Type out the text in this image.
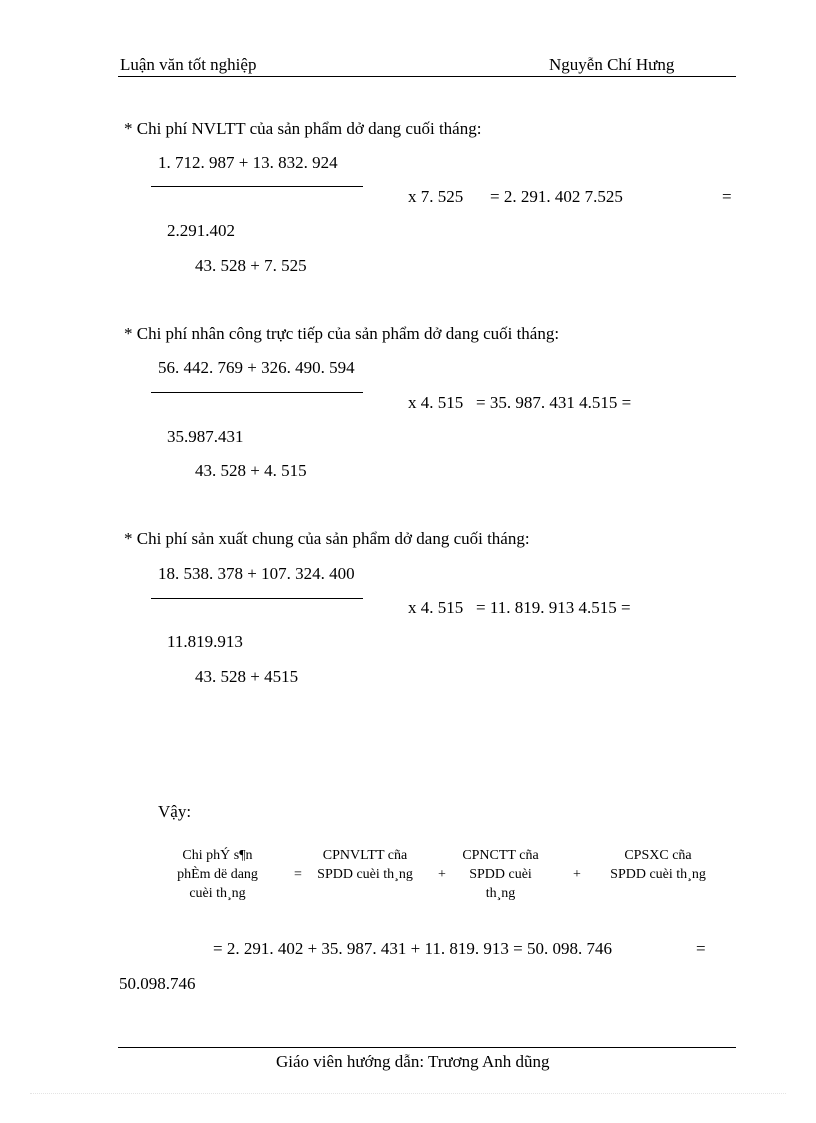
Luận văn tốt nghiệp	Nguyễn Chí Hưng
* Chi phí NVLTT của sản phẩm dở dang cuối tháng:
1. 712. 987 + 13. 832. 924
x 7. 525 = 2. 291. 402 7.525	=
2.291.402
43. 528 + 7. 525
* Chi phí nhân công trực tiếp của sản phẩm dở dang cuối tháng:
56. 442. 769 + 326. 490. 594
x 4. 515 = 35. 987. 431 4.515 =
35.987.431
43. 528 + 4. 515
* Chi phí sản xuất chung của sản phẩm dở dang cuối tháng:
18. 538. 378 + 107. 324. 400
x 4. 515 = 11. 819. 913 4.515 =
11.819.913
43. 528 + 4515
Vậy:
Chi phÝ s¶n phÈm dë dang cuèi th¸ng
=
CPNVLTT cña SPDD cuèi th¸ng	+
CPNCTT cña SPDD cuèi th¸ng
+
CPSXC cña SPDD cuèi th¸ng
= 2. 291. 402 + 35. 987. 431 + 11. 819. 913 = 50. 098. 746	=
50.098.746
Giáo viên hướng dẫn: Trương Anh dũng
